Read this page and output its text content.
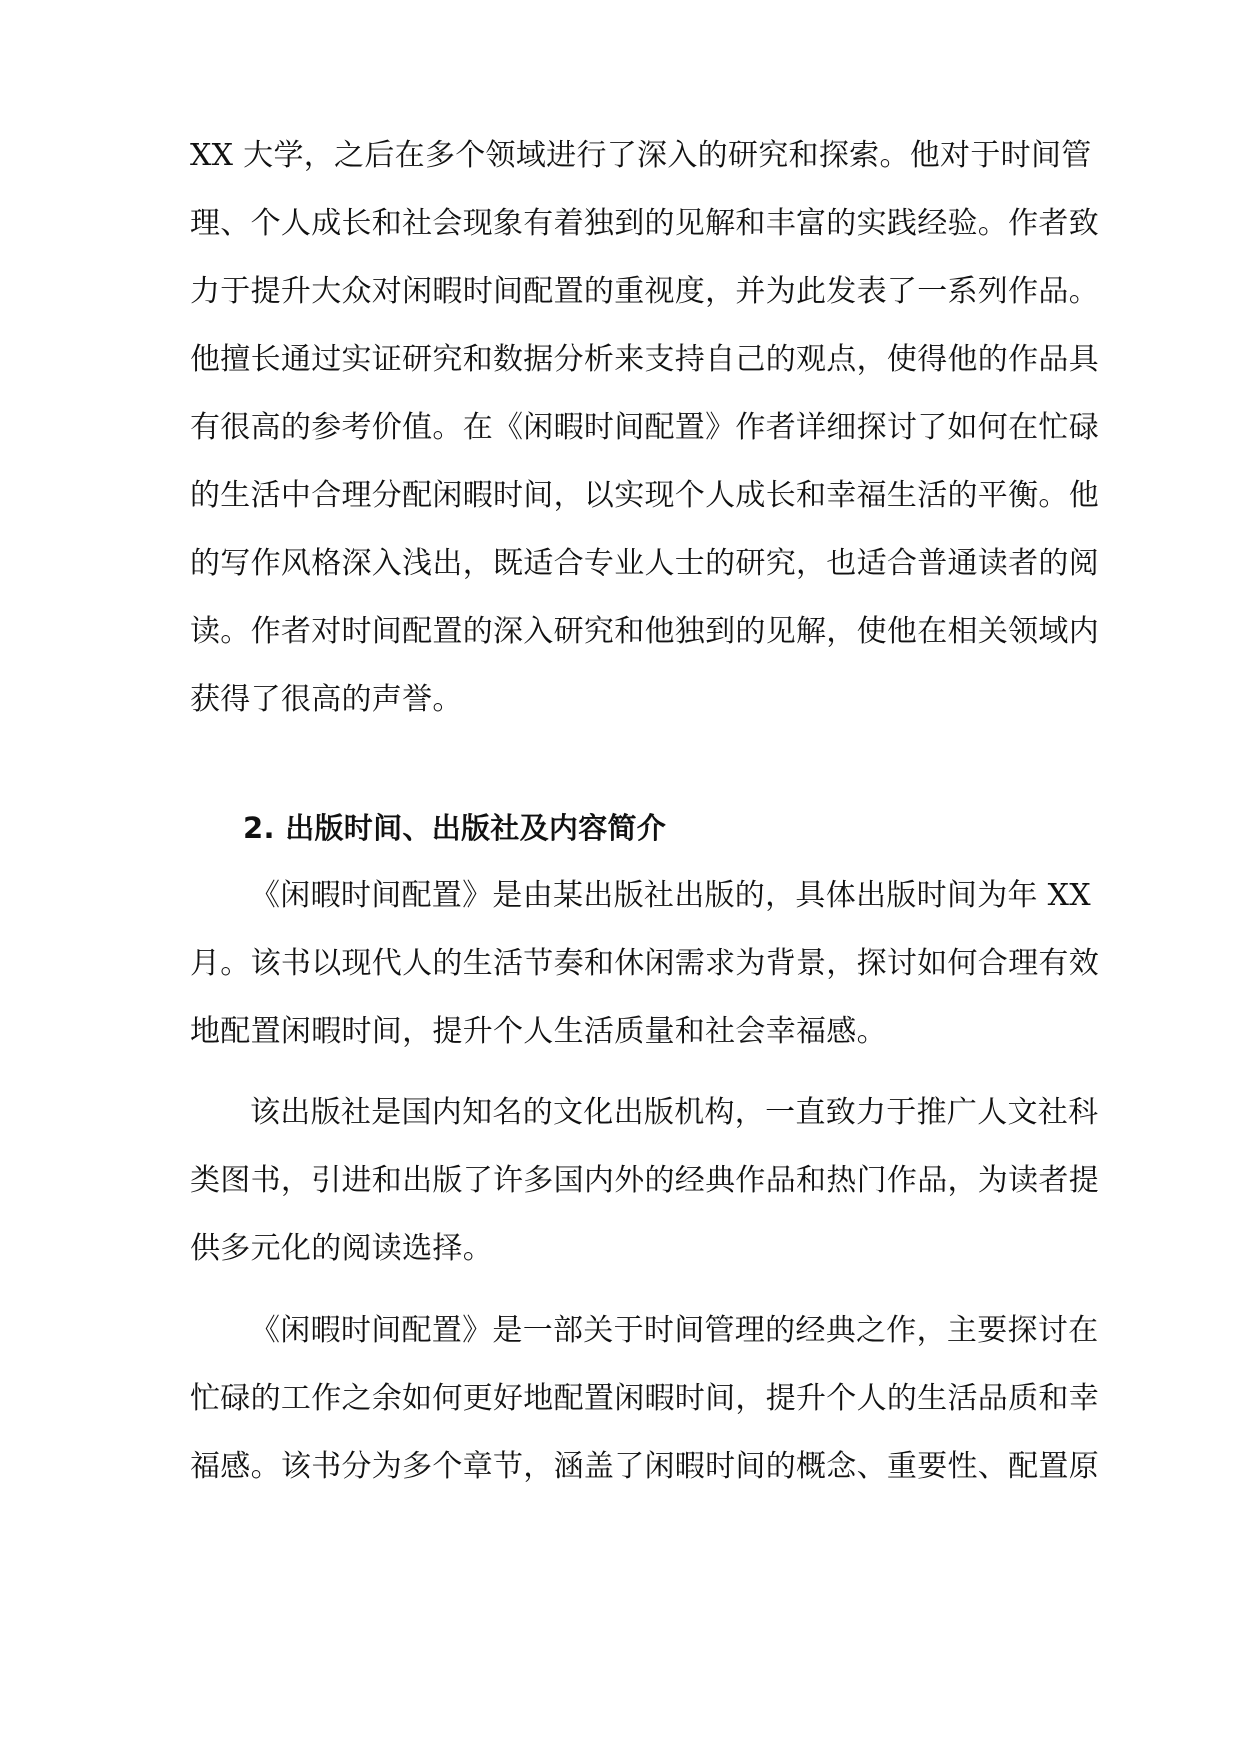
XX 大学，之后在多个领域进行了深入的研究和探索。他对于时间管
理、个人成长和社会现象有着独到的见解和丰富的实践经验。作者致
力于提升大众对闲暇时间配置的重视度，并为此发表了一系列作品。
他擅长通过实证研究和数据分析来支持自己的观点，使得他的作品具
有很高的参考价值。在《闲暇时间配置》作者详细探讨了如何在忙碌
的生活中合理分配闲暇时间，以实现个人成长和幸福生活的平衡。他
的写作风格深入浅出，既适合专业人士的研究，也适合普通读者的阅
读。作者对时间配置的深入研究和他独到的见解，使他在相关领域内
获得了很高的声誉。
2. 出版时间、出版社及内容简介
《闲暇时间配置》是由某出版社出版的，具体出版时间为年 XX
月。该书以现代人的生活节奏和休闲需求为背景，探讨如何合理有效
地配置闲暇时间，提升个人生活质量和社会幸福感。
该出版社是国内知名的文化出版机构，一直致力于推广人文社科
类图书，引进和出版了许多国内外的经典作品和热门作品，为读者提
供多元化的阅读选择。
《闲暇时间配置》是一部关于时间管理的经典之作，主要探讨在
忙碌的工作之余如何更好地配置闲暇时间，提升个人的生活品质和幸
福感。该书分为多个章节，涵盖了闲暇时间的概念、重要性、配置原
